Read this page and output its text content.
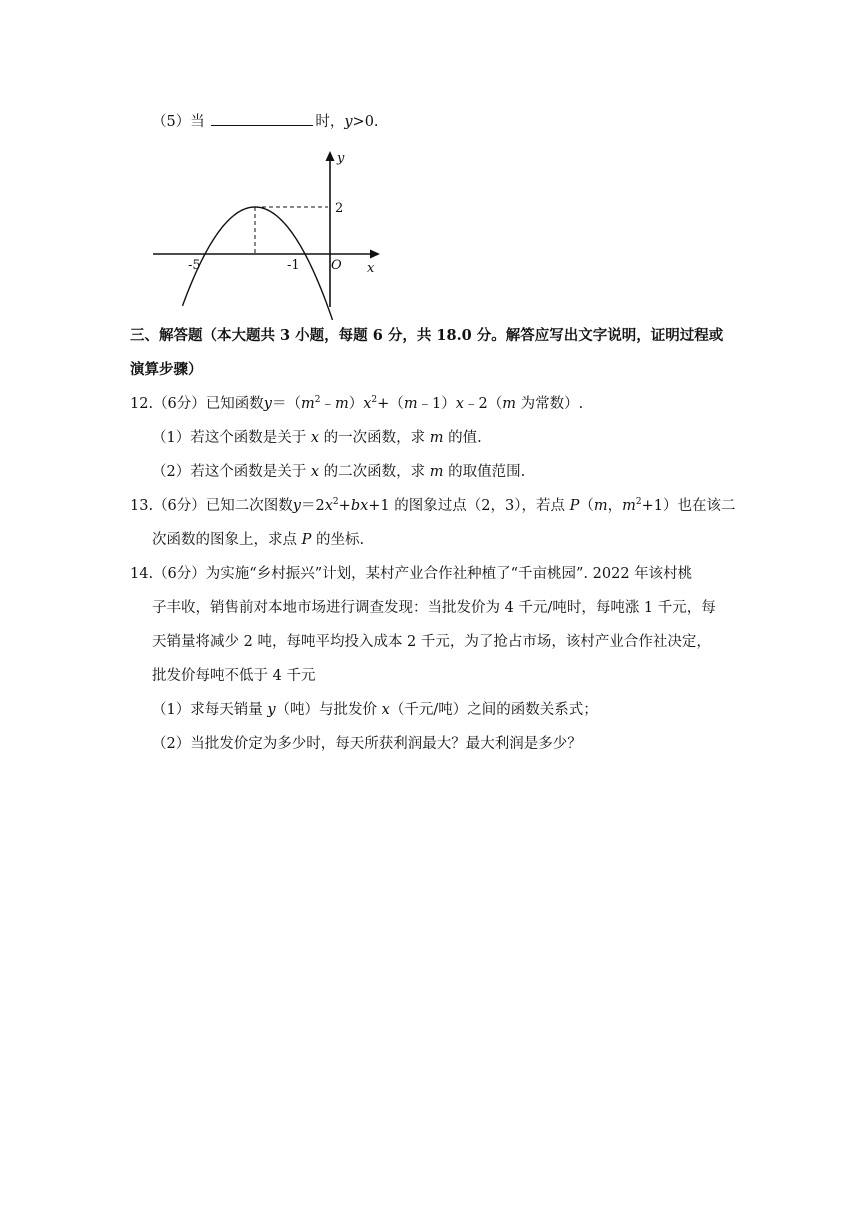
（5）当	时，y>0.
y
x
O
2
-5	-1
三、解答题（本大题共 3 小题，每题 6 分，共 18.0 分。解答应写出文字说明，证明过程或
演算步骤）
12.（6分）已知函数$y=(m^2﹣m)x^2+(m﹣1)x﹣2(m$ 为常数）.
（1）若这个函数是关于 x 的一次函数，求 m 的值.
（2）若这个函数是关于 x 的二次函数，求 m 的取值范围.
13.（6分）已知二次图数$y=2x^2+bx+1$ 的图象过点（2，3），若点 P（m，$m^2+1$）也在该二
次函数的图象上，求点 P 的坐标.
14.（6分）为实施“乡村振兴”计划，某村产业合作社种植了“千亩桃园”. 2022 年该村桃
子丰收，销售前对本地市场进行调查发现：当批发价为 4 千元/吨时，每吨涨 1 千元，每
天销量将减少 2 吨，每吨平均投入成本 2 千元，为了抢占市场，该村产业合作社决定，
批发价每吨不低于 4 千元
（1）求每天销量 y（吨）与批发价 x（千元/吨）之间的函数关系式；
（2）当批发价定为多少时，每天所获利润最大？最大利润是多少？
